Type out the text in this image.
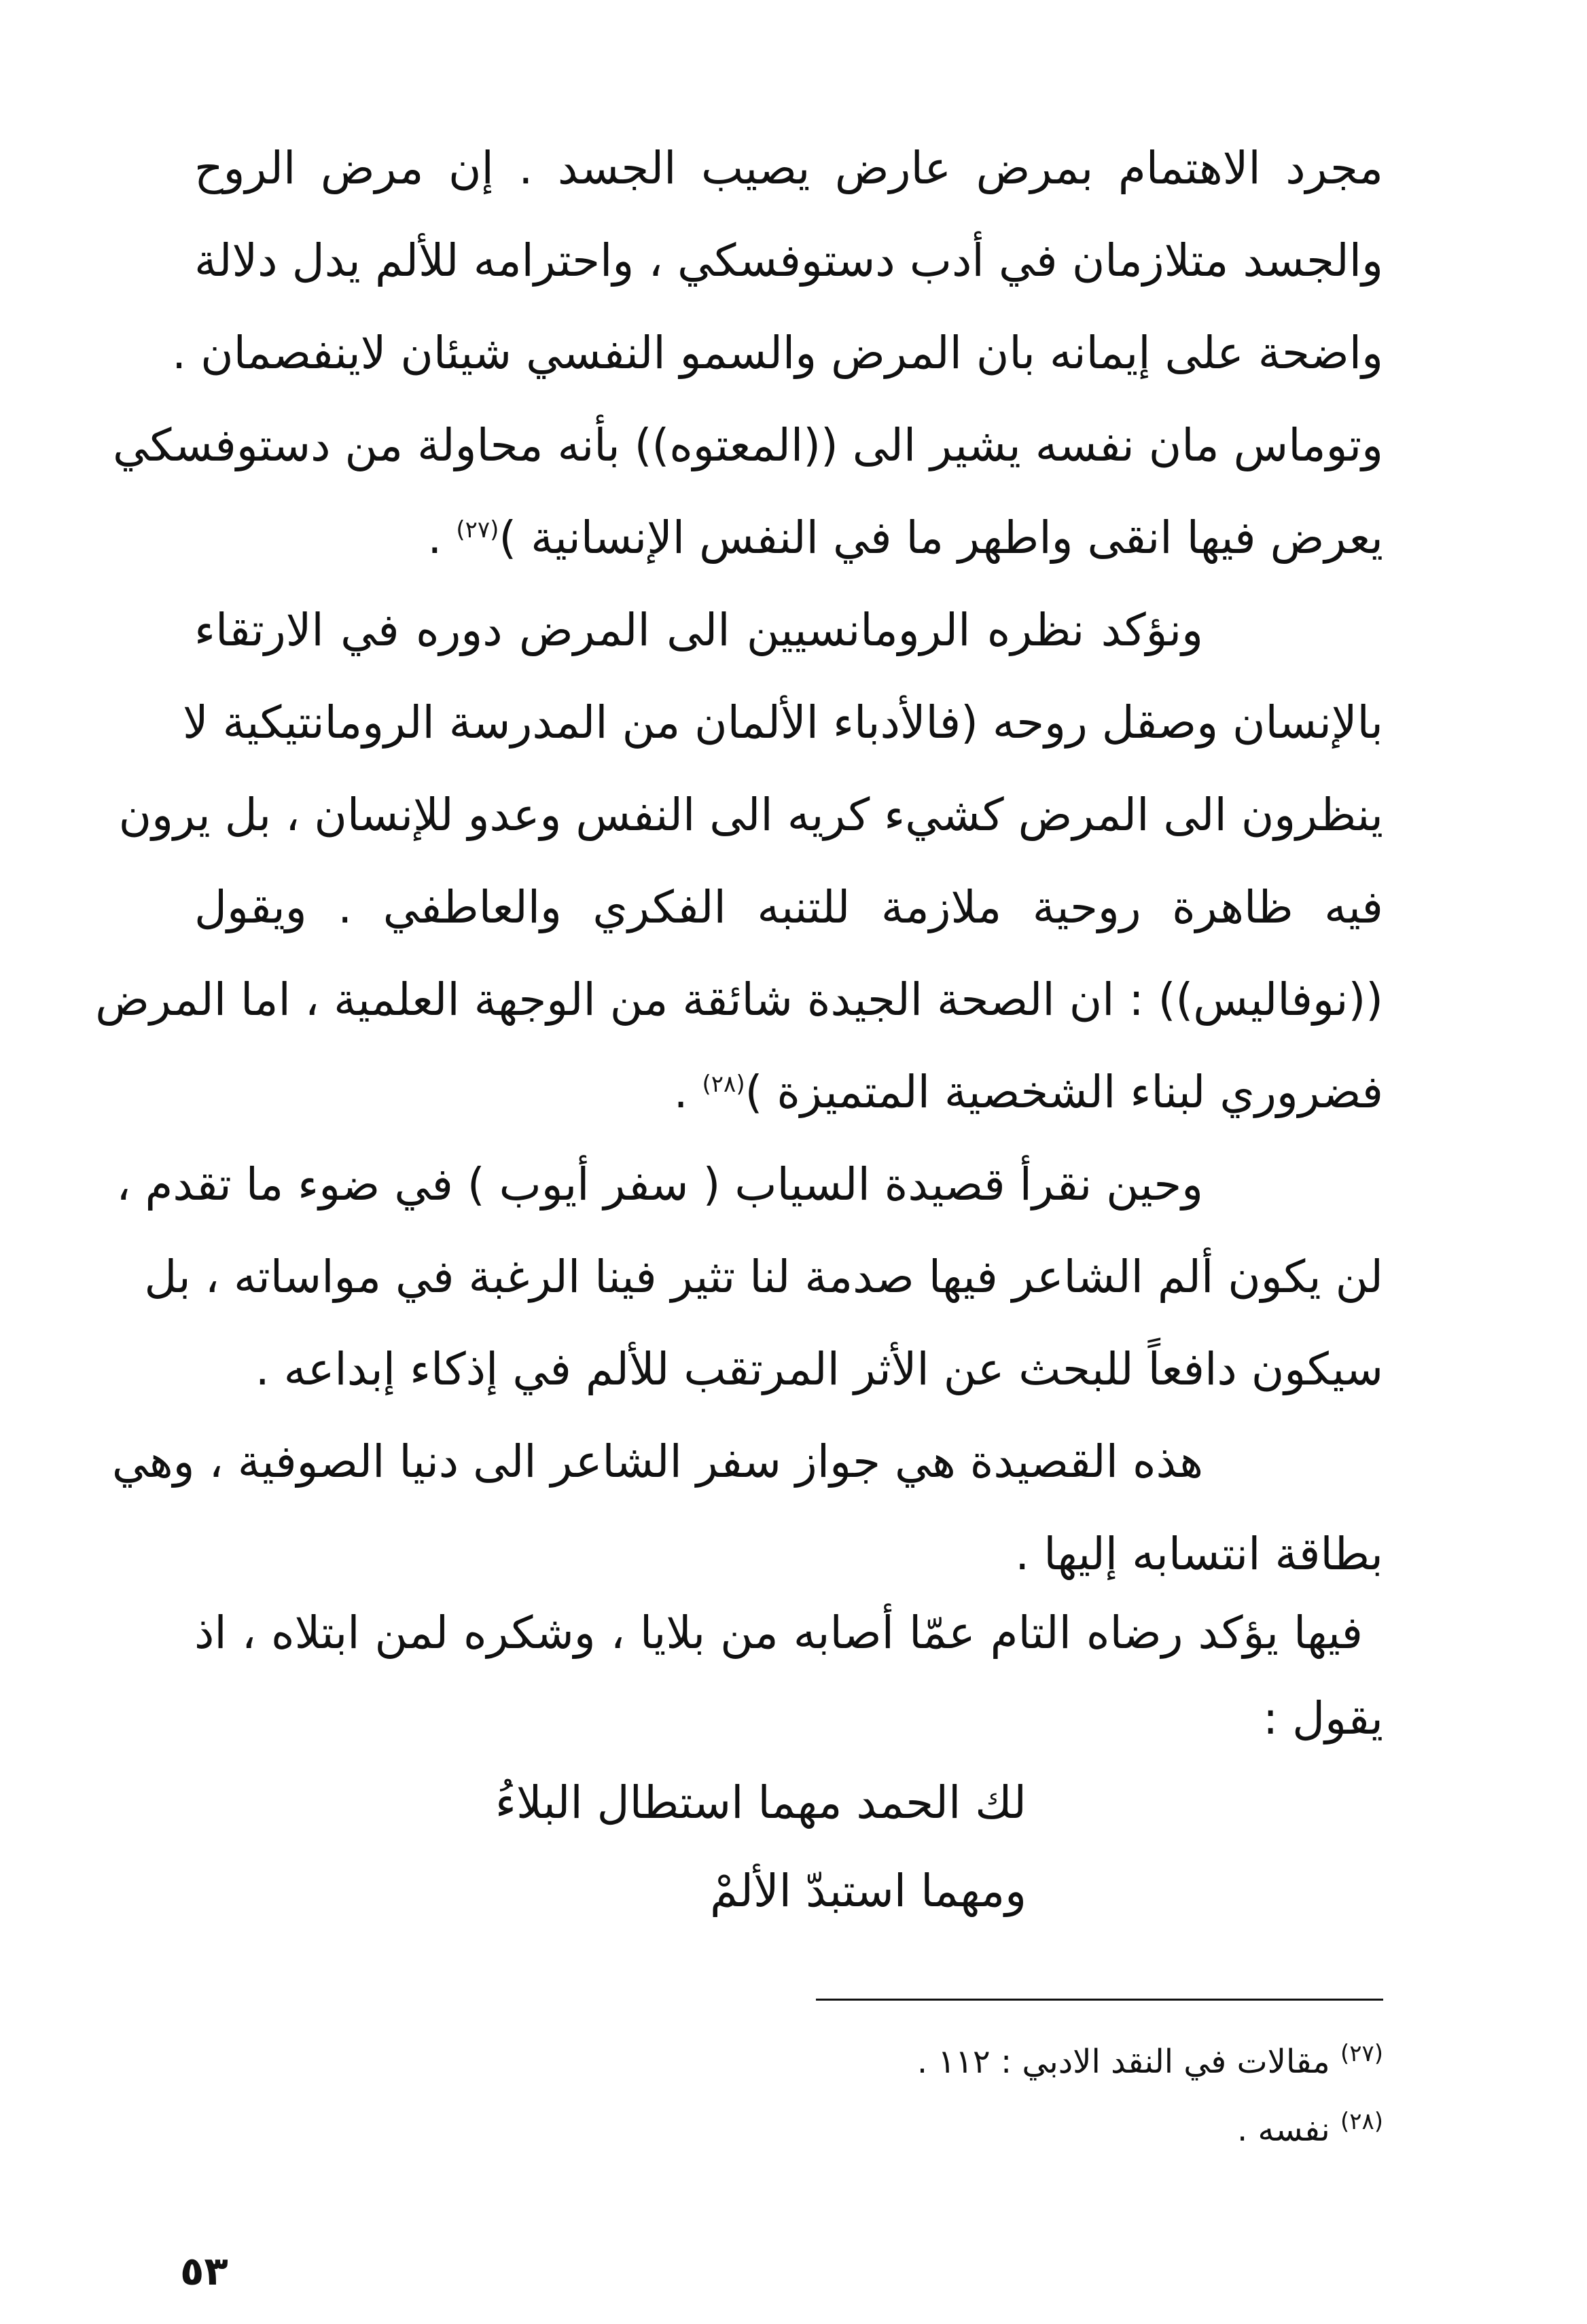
مجرد الاهتمام بمرض عارض يصيب الجسد . إن مرض الروح
والجسد متلازمان في أدب دستوفسكي ، واحترامه للألم يدل دلالة
واضحة على إيمانه بان المرض والسمو النفسي شيئان لاينفصمان .
وتوماس مان نفسه يشير الى ((المعتوه)) بأنه محاولة من دستوفسكي
يعرض فيها انقى واطهر ما في النفس الإنسانية )$^{(٢٧)}$ .
ونؤكد نظره الرومانسيين الى المرض دوره في الارتقاء
بالإنسان وصقل روحه (فالأدباء الألمان من المدرسة الرومانتيكية لا
ينظرون الى المرض كشيء كريه الى النفس وعدو للإنسان ، بل يرون
فيه ظاهرة روحية ملازمة للتنبه الفكري والعاطفي . ويقول
((نوفاليس)) : ان الصحة الجيدة شائقة من الوجهة العلمية ، اما المرض
فضروري لبناء الشخصية المتميزة )$^{(٢٨)}$ .
وحين نقرأ قصيدة السياب ( سفر أيوب ) في ضوء ما تقدم ،
لن يكون ألم الشاعر فيها صدمة لنا تثير فينا الرغبة في مواساته ، بل
سيكون دافعاً للبحث عن الأثر المرتقب للألم في إذكاء إبداعه .
هذه القصيدة هي جواز سفر الشاعر الى دنيا الصوفية ، وهي
بطاقة انتسابه إليها .
فيها يؤكد رضاه التام عمّا أصابه من بلايا ، وشكره لمن ابتلاه ، اذ
يقول :
لك الحمد مهما استطال البلاءُ
ومهما استبدّ الألمْ
$^{(٢٧)}$ مقالات في النقد الادبي : ١١٢ .
$^{(٢٨)}$ نفسه .
٥٣
